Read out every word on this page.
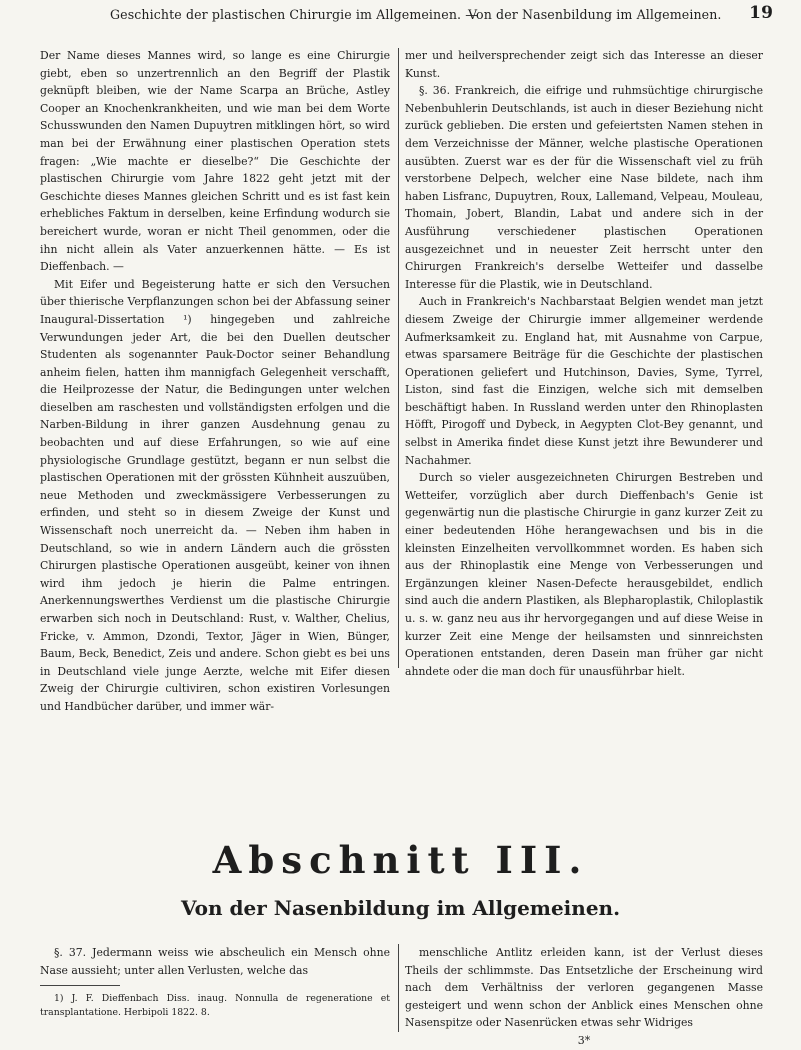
Geschichte der plastischen Chirurgie im Allgemeinen. —
Von der Nasenbildung im Allgemeinen. 19

Der Name dieses Mannes wird, so lange es eine Chirurgie giebt, eben so unzertrennlich an den Begriff der Plastik geknüpft bleiben, wie der Name Scarpa an Brüche, Astley Cooper an Knochenkrankheiten, und wie man bei dem Worte Schusswunden den Namen Dupuytren mitklingen hört, so wird man bei der Erwähnung einer plastischen Operation stets fragen: „Wie machte er dieselbe?“ Die Geschichte der plastischen Chirurgie vom Jahre 1822 geht jetzt mit der Geschichte dieses Mannes gleichen Schritt und es ist fast kein erhebliches Faktum in derselben, keine Erfindung wodurch sie bereichert wurde, woran er nicht Theil genommen, oder die ihn nicht allein als Vater anzuerkennen hätte. — Es ist Dieffenbach. —

Mit Eifer und Begeisterung hatte er sich den Versuchen über thierische Verpflanzungen schon bei der Abfassung seiner Inaugural-Dissertation ¹) hingegeben und zahlreiche Verwundungen jeder Art, die bei den Duellen deutscher Studenten als sogenannter Pauk-Doctor seiner Behandlung anheim fielen, hatten ihm mannigfach Gelegenheit verschafft, die Heilprozesse der Natur, die Bedingungen unter welchen dieselben am raschesten und vollständigsten erfolgen und die Narben-Bildung in ihrer ganzen Ausdehnung genau zu beobachten und auf diese Erfahrungen, so wie auf eine physiologische Grundlage gestützt, begann er nun selbst die plastischen Operationen mit der grössten Kühnheit auszuüben, neue Methoden und zweckmässigere Verbesserungen zu erfinden, und steht so in diesem Zweige der Kunst und Wissenschaft noch unerreicht da. — Neben ihm haben in Deutschland, so wie in andern Ländern auch die grössten Chirurgen plastische Operationen ausgeübt, keiner von ihnen wird ihm jedoch je hierin die Palme entringen. Anerkennungswerthes Verdienst um die plastische Chirurgie erwarben sich noch in Deutschland: Rust, v. Walther, Chelius, Fricke, v. Ammon, Dzondi, Textor, Jäger in Wien, Bünger, Baum, Beck, Benedict, Zeis und andere. Schon giebt es bei uns in Deutschland viele junge Aerzte, welche mit Eifer diesen Zweig der Chirurgie cultiviren, schon existiren Vorlesungen und Handbücher darüber, und immer wär-

mer und heilversprechender zeigt sich das Interesse an dieser Kunst.

§. 36. Frankreich, die eifrige und ruhmsüchtige chirurgische Nebenbuhlerin Deutschlands, ist auch in dieser Beziehung nicht zurück geblieben. Die ersten und gefeiertsten Namen stehen in dem Verzeichnisse der Männer, welche plastische Operationen ausübten. Zuerst war es der für die Wissenschaft viel zu früh verstorbene Delpech, welcher eine Nase bildete, nach ihm haben Lisfranc, Dupuytren, Roux, Lallemand, Velpeau, Mouleau, Thomain, Jobert, Blandin, Labat und andere sich in der Ausführung verschiedener plastischen Operationen ausgezeichnet und in neuester Zeit herrscht unter den Chirurgen Frankreich's derselbe Wetteifer und dasselbe Interesse für die Plastik, wie in Deutschland.

Auch in Frankreich's Nachbarstaat Belgien wendet man jetzt diesem Zweige der Chirurgie immer allgemeiner werdende Aufmerksamkeit zu. England hat, mit Ausnahme von Carpue, etwas sparsamere Beiträge für die Geschichte der plastischen Operationen geliefert und Hutchinson, Davies, Syme, Tyrrel, Liston, sind fast die Einzigen, welche sich mit demselben beschäftigt haben. In Russland werden unter den Rhinoplasten Höfft, Pirogoff und Dybeck, in Aegypten Clot-Bey genannt, und selbst in Amerika findet diese Kunst jetzt ihre Bewunderer und Nachahmer.

Durch so vieler ausgezeichneten Chirurgen Bestreben und Wetteifer, vorzüglich aber durch Dieffenbach's Genie ist gegenwärtig nun die plastische Chirurgie in ganz kurzer Zeit zu einer bedeutenden Höhe herangewachsen und bis in die kleinsten Einzelheiten vervollkommnet worden. Es haben sich aus der Rhinoplastik eine Menge von Verbesserungen und Ergänzungen kleiner Nasen-Defecte herausgebildet, endlich sind auch die andern Plastiken, als Blepharoplastik, Chiloplastik u. s. w. ganz neu aus ihr hervorgegangen und auf diese Weise in kurzer Zeit eine Menge der heilsamsten und sinnreichsten Operationen entstanden, deren Dasein man früher gar nicht ahndete oder die man doch für unausführbar hielt.

Abschnitt III.
Von der Nasenbildung im Allgemeinen.

§. 37. Jedermann weiss wie abscheulich ein Mensch ohne Nase aussieht; unter allen Verlusten, welche das

1) J. F. Dieffenbach Diss. inaug. Nonnulla de regeneratione et transplantatione. Herbipoli 1822. 8.

menschliche Antlitz erleiden kann, ist der Verlust dieses Theils der schlimmste. Das Entsetzliche der Erscheinung wird nach dem Verhältniss der verloren gegangenen Masse gesteigert und wenn schon der Anblick eines Menschen ohne Nasenspitze oder Nasenrücken etwas sehr Widriges

3*
